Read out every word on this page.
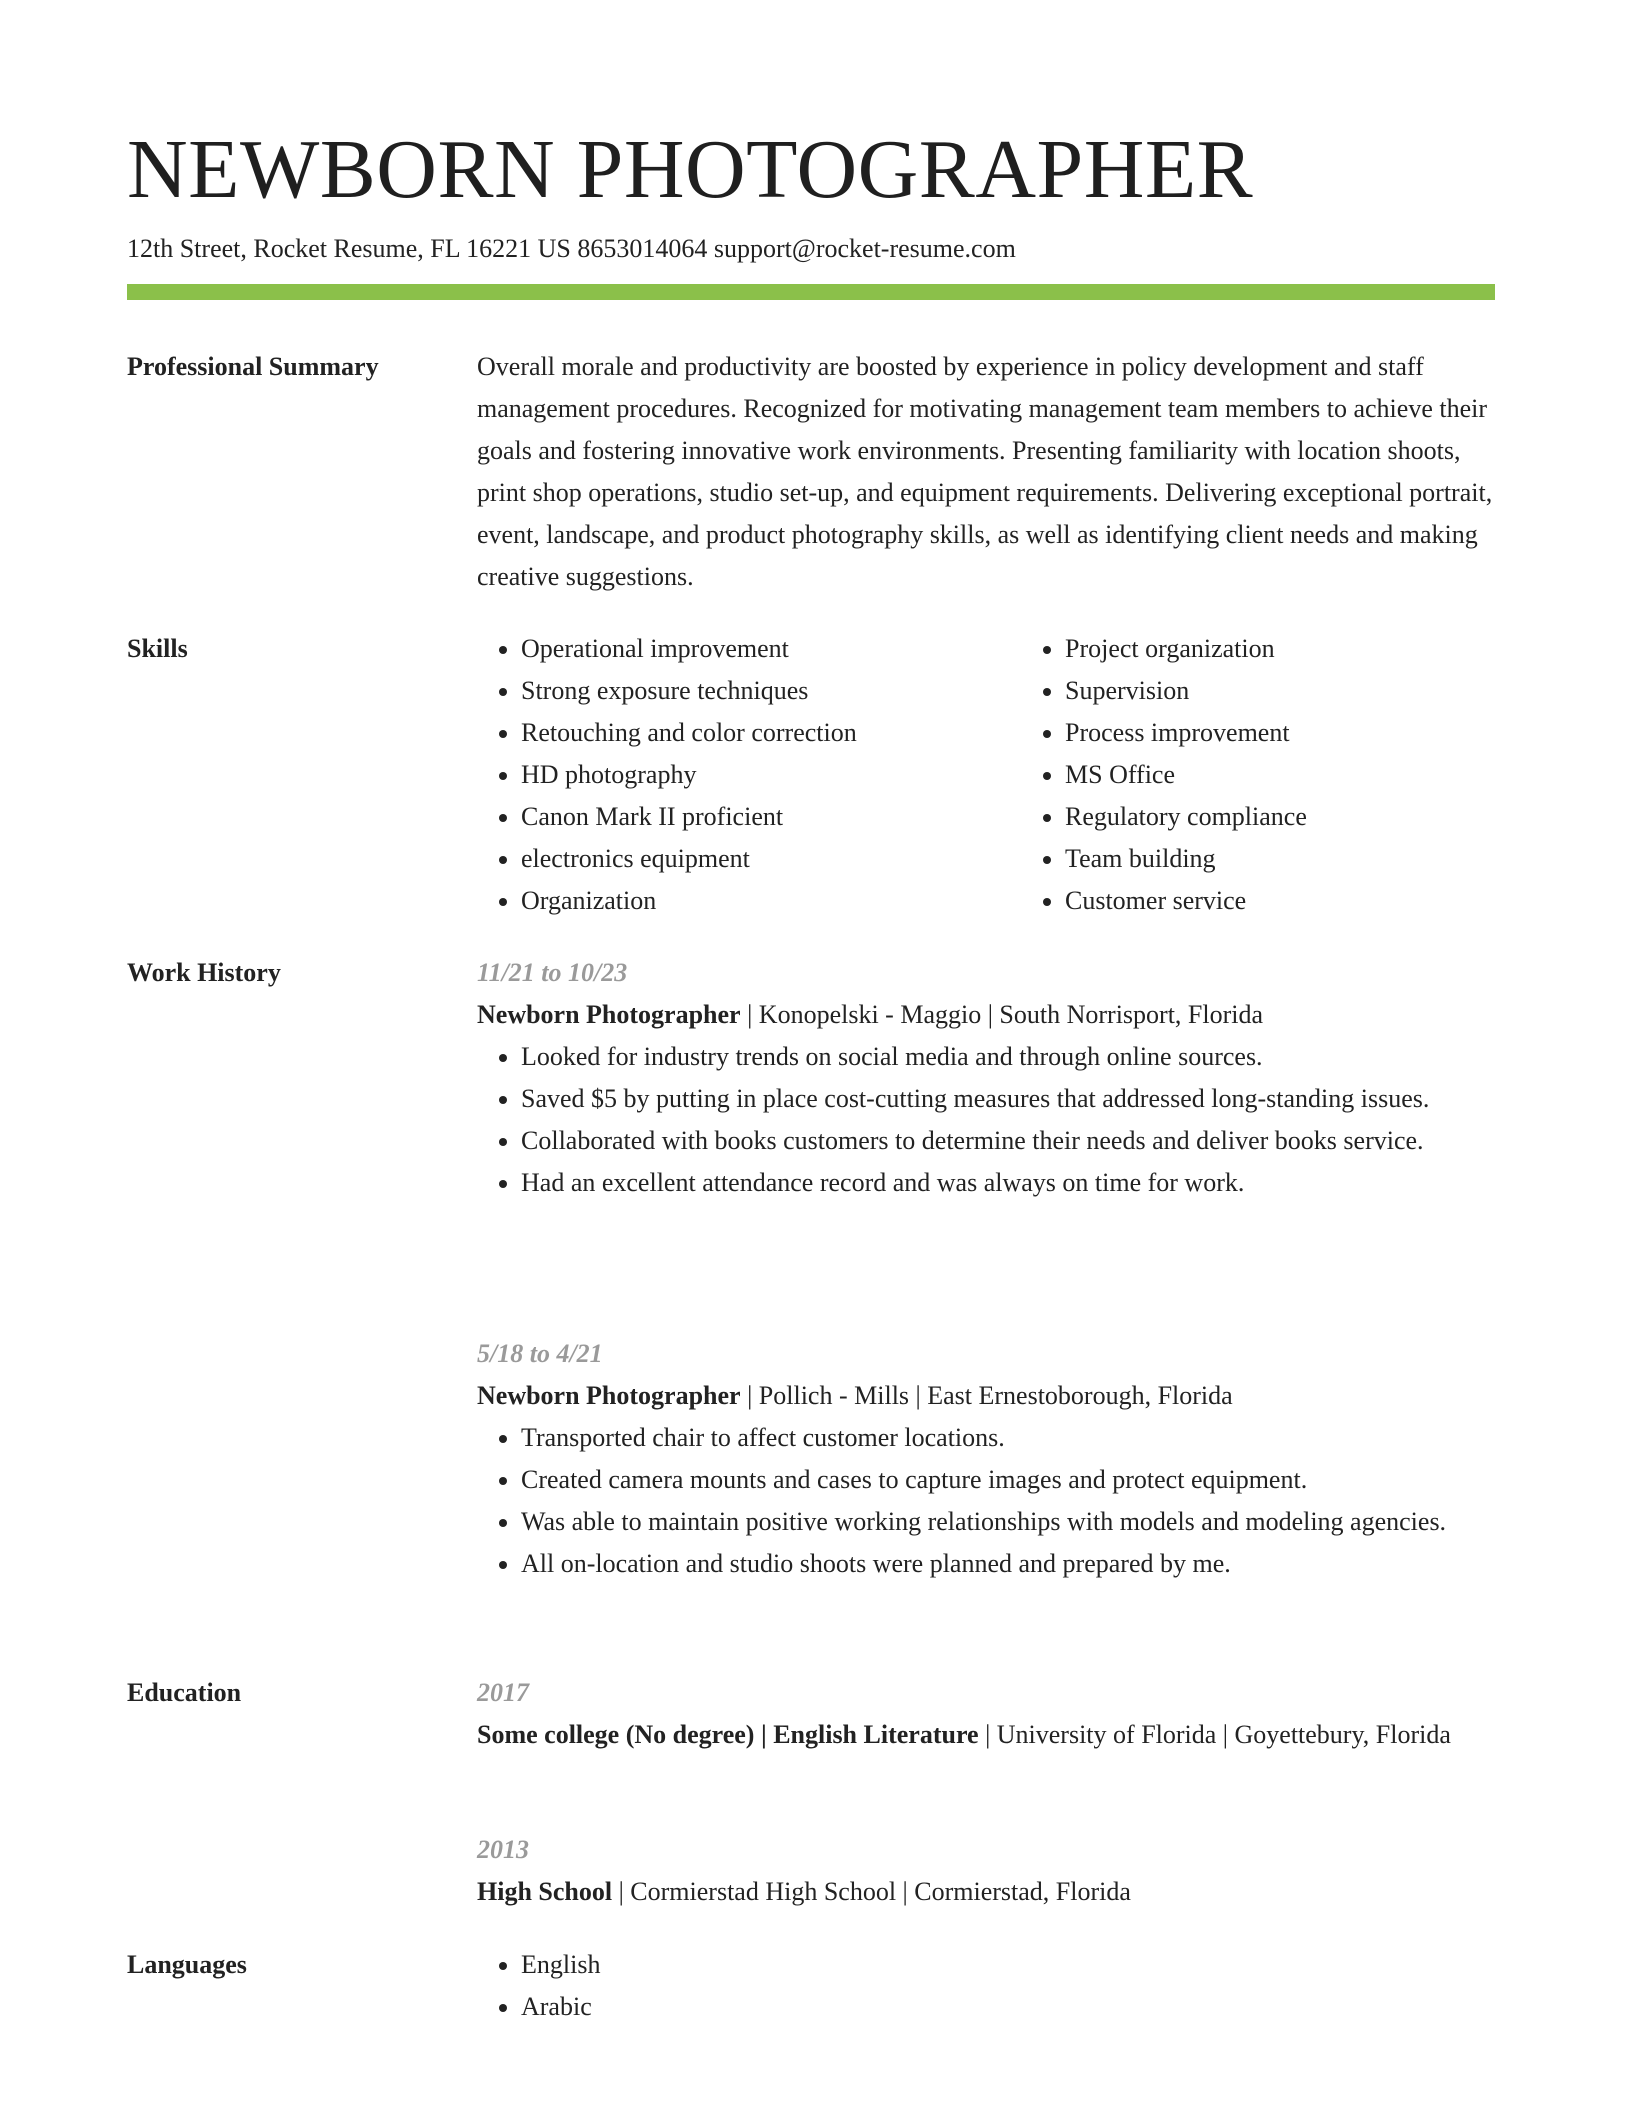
NEWBORN PHOTOGRAPHER
12th Street, Rocket Resume, FL 16221 US 8653014064 support@rocket-resume.com
Professional Summary	Overall morale and productivity are boosted by experience in policy development and staff management procedures. Recognized for motivating management team members to achieve their goals and fostering innovative work environments. Presenting familiarity with location shoots, print shop operations, studio set-up, and equipment requirements. Delivering exceptional portrait, event, landscape, and product photography skills, as well as identifying client needs and making creative suggestions.

Skills	• Operational improvement
• Strong exposure techniques
• Retouching and color correction
• HD photography
• Canon Mark II proficient
• electronics equipment
• Organization
• Project organization
• Supervision
• Process improvement
• MS Office
• Regulatory compliance
• Team building
• Customer service
Work History	11/21 to 10/23
Newborn Photographer | Konopelski - Maggio | South Norrisport, Florida
• Looked for industry trends on social media and through online sources.
• Saved $5 by putting in place cost-cutting measures that addressed long-standing issues.
• Collaborated with books customers to determine their needs and deliver books service.
• Had an excellent attendance record and was always on time for work.
5/18 to 4/21
Newborn Photographer | Pollich - Mills | East Ernestoborough, Florida
• Transported chair to affect customer locations.
• Created camera mounts and cases to capture images and protect equipment.
• Was able to maintain positive working relationships with models and modeling agencies.
• All on-location and studio shoots were planned and prepared by me.
Education	2017
Some college (No degree) | English Literature | University of Florida | Goyettebury, Florida
2013
High School | Cormierstad High School | Cormierstad, Florida
Languages	• English
• Arabic
